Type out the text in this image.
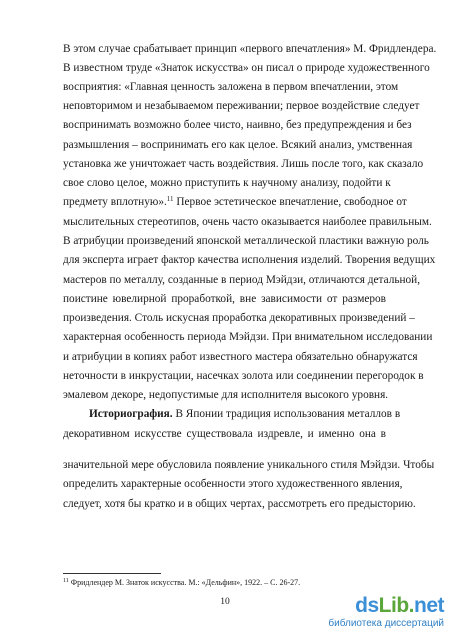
В этом случае срабатывает принцип «первого впечатления» М. Фридлендера.
В известном труде «Знаток искусства» он писал о природе художественного
восприятия: «Главная ценность заложена в первом впечатлении, этом
неповторимом и незабываемом переживании; первое воздействие следует
воспринимать возможно более чисто, наивно, без предупреждения и без
размышления – воспринимать его как целое. Всякий анализ, умственная
установка же уничтожает часть воздействия. Лишь после того, как сказало
свое слово целое, можно приступить к научному анализу, подойти к
предмету вплотную».$^{11}$ Первое эстетическое впечатление, свободное от
мыслительных стереотипов, очень часто оказывается наиболее правильным.
В атрибуции произведений японской металлической пластики важную роль
для эксперта играет фактор качества исполнения изделий. Творения ведущих
мастеров по металлу, созданные в период Мэйдзи, отличаются детальной,
поистине ювелирной проработкой, вне зависимости от размеров
произведения. Столь искусная проработка декоративных произведений –
характерная особенность периода Мэйдзи. При внимательном исследовании
и атрибуции в копиях работ известного мастера обязательно обнаружатся
неточности в инкрустации, насечках золота или соединении перегородок в
эмалевом декоре, недопустимые для исполнителя высокого уровня.
Историография. В Японии традиция использования металлов в
декоративном искусстве существовала издревле, и именно она в
значительной мере обусловила появление уникального стиля Мэйдзи. Чтобы
определить характерные особенности этого художественного явления,
следует, хотя бы кратко и в общих чертах, рассмотреть его предысторию.
$^{11}$ Фридлендер М. Знаток искусства. М.: «Дельфин», 1922. – С. 26-27.
10	dsLib.net
библиотека диссертаций
